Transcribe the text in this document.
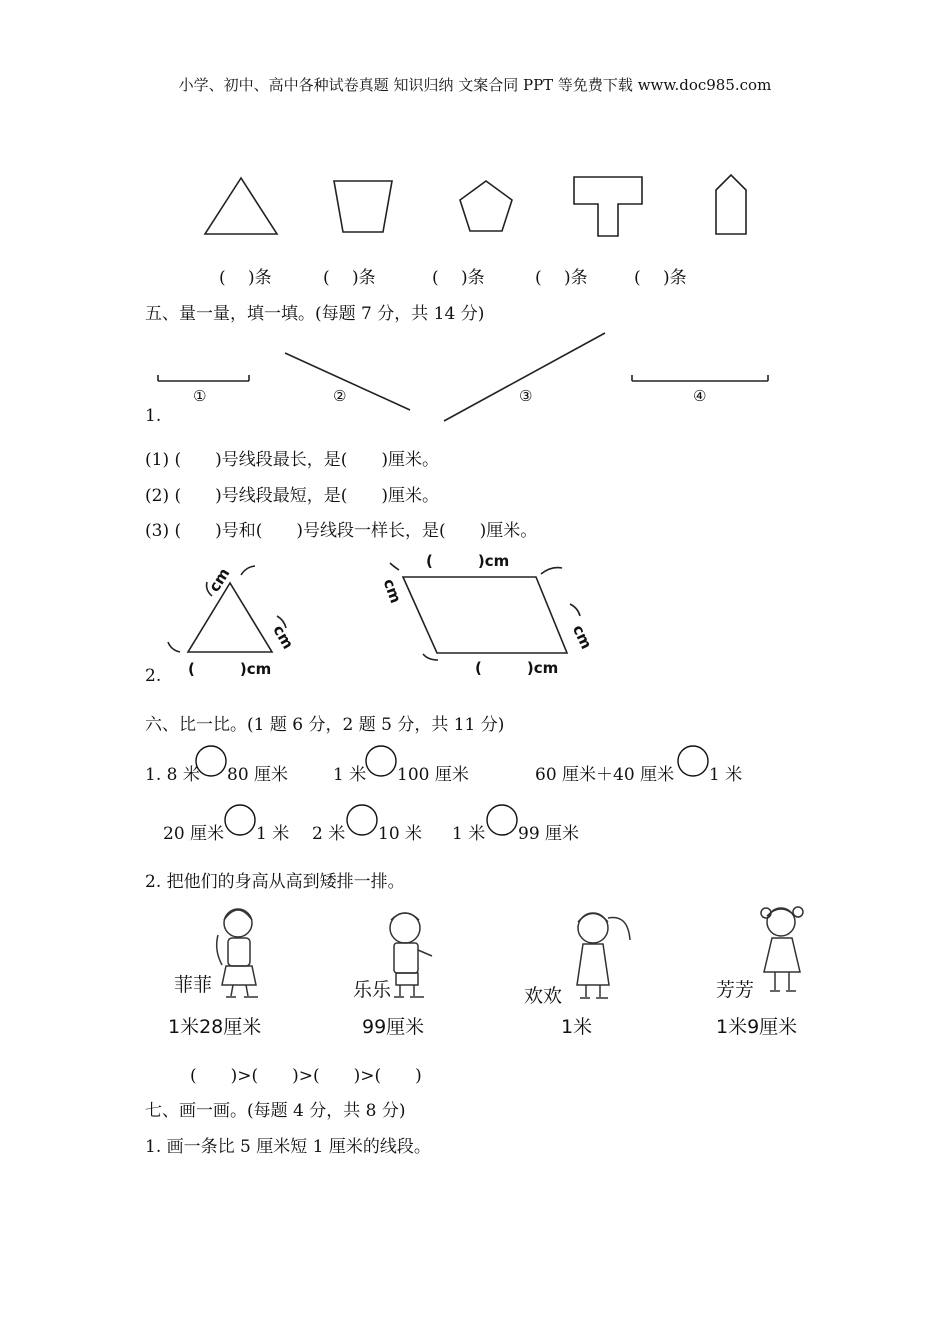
小学、初中、高中各种试卷真题 知识归纳 文案合同 PPT 等免费下载 www.doc985.com
(　 )条	(　 )条	(　 )条	(　 )条	(　 )条
五、量一量，填一填。(每题 7 分，共 14 分)
①	②	③	④
1.
(1) (　　)号线段最长，是(　　)厘米。
(2) (　　)号线段最短，是(　　)厘米。
(3) (　　)号和(　　)号线段一样长，是(　　)厘米。
cm
cm
(　　　)cm
(　　　)cm
cm
cm
(　　　)cm
2.
六、比一比。(1 题 6 分，2 题 5 分，共 11 分)
1. 8 米 80 厘米	1 米 100 厘米	60 厘米＋40 厘米 1 米
20 厘米 1 米 2 米 10 米 1 米 99 厘米
2. 把他们的身高从高到矮排一排。
菲菲
1米28厘米
乐乐
99厘米
欢欢
1米
芳芳
1米9厘米
(　　)>(　　)>(　　)>(　　)
七、画一画。(每题 4 分，共 8 分)
1. 画一条比 5 厘米短 1 厘米的线段。
